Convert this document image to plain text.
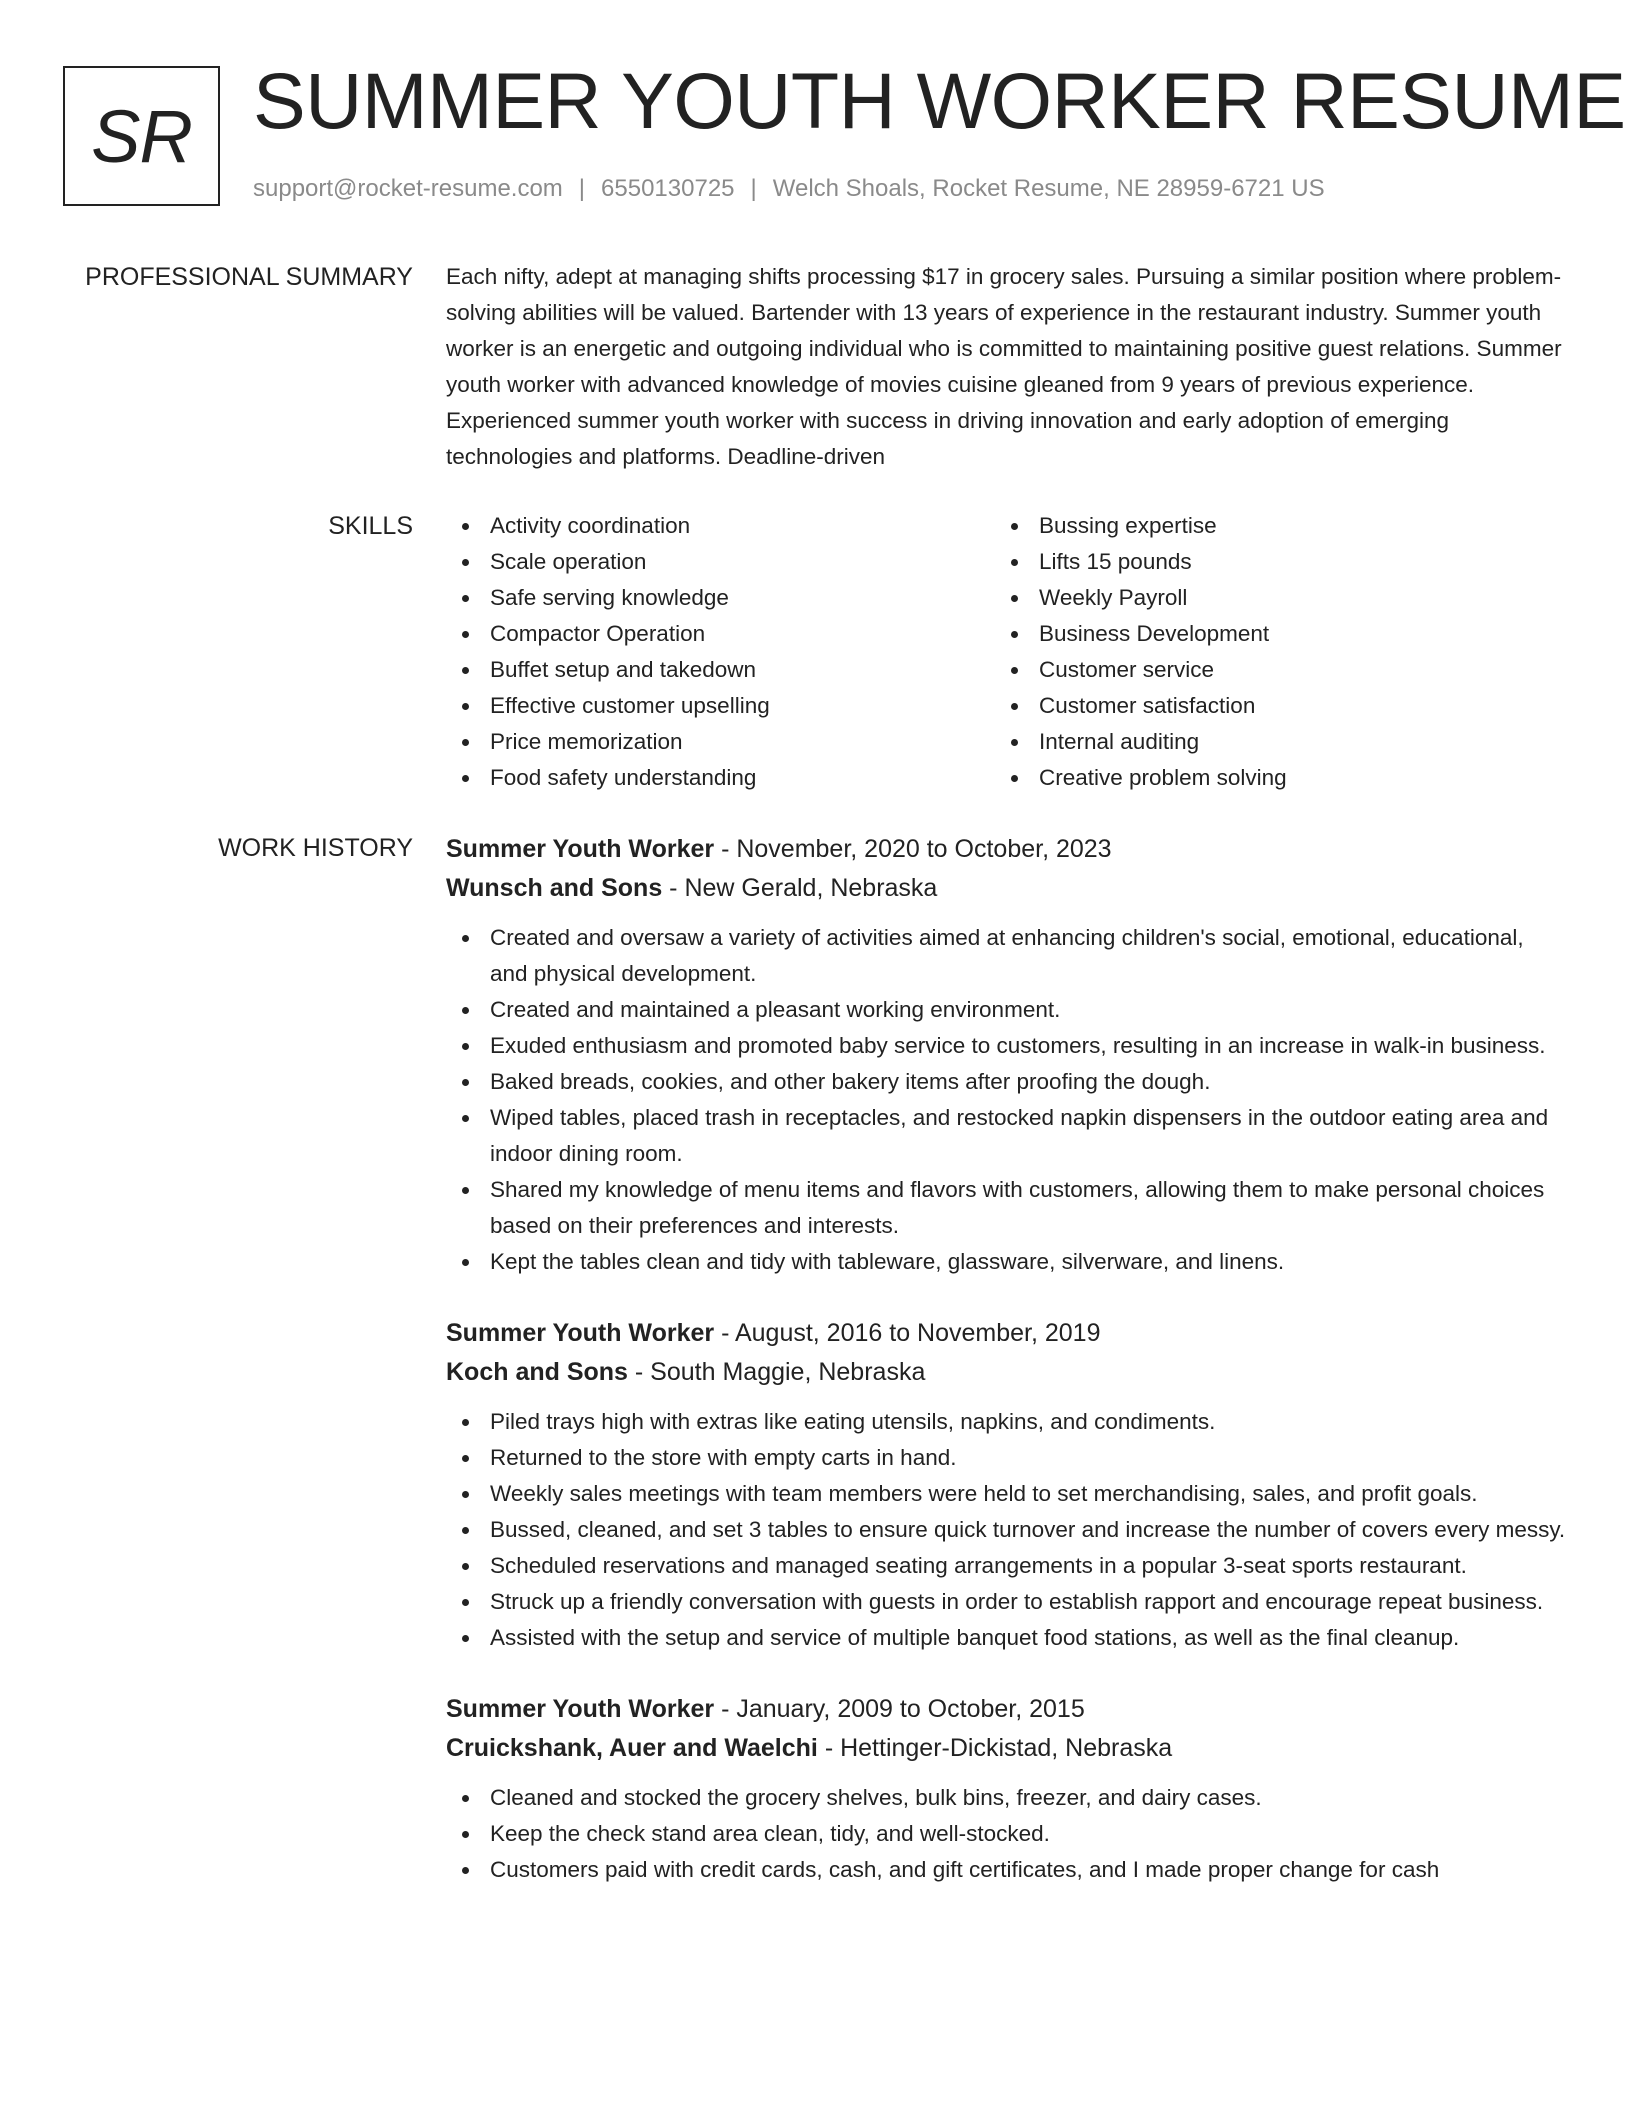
SR SUMMER YOUTH WORKER RESUME
support@rocket-resume.com | 6550130725 | Welch Shoals, Rocket Resume, NE 28959-6721 US
PROFESSIONAL SUMMARY Each nifty, adept at managing shifts processing $17 in grocery sales. Pursuing a similar position where problem-solving abilities will be valued. Bartender with 13 years of experience in the restaurant industry. Summer youth worker is an energetic and outgoing individual who is committed to maintaining positive guest relations. Summer youth worker with advanced knowledge of movies cuisine gleaned from 9 years of previous experience. Experienced summer youth worker with success in driving innovation and early adoption of emerging technologies and platforms. Deadline-driven

SKILLS	Activity coordination
Scale operation
Safe serving knowledge
Compactor Operation
Buffet setup and takedown
Effective customer upselling
Price memorization
Food safety understanding
Bussing expertise
Lifts 15 pounds
Weekly Payroll
Business Development
Customer service
Customer satisfaction
Internal auditing
Creative problem solving
WORK HISTORY Summer Youth Worker - November, 2020 to October, 2023
Wunsch and Sons - New Gerald, Nebraska
Created and oversaw a variety of activities aimed at enhancing children's social, emotional, educational, and physical development.
Created and maintained a pleasant working environment.
Exuded enthusiasm and promoted baby service to customers, resulting in an increase in walk-in business.
Baked breads, cookies, and other bakery items after proofing the dough.
Wiped tables, placed trash in receptacles, and restocked napkin dispensers in the outdoor eating area and indoor dining room.
Shared my knowledge of menu items and flavors with customers, allowing them to make personal choices based on their preferences and interests.
Kept the tables clean and tidy with tableware, glassware, silverware, and linens.
Summer Youth Worker - August, 2016 to November, 2019
Koch and Sons - South Maggie, Nebraska
Piled trays high with extras like eating utensils, napkins, and condiments.
Returned to the store with empty carts in hand.
Weekly sales meetings with team members were held to set merchandising, sales, and profit goals.
Bussed, cleaned, and set 3 tables to ensure quick turnover and increase the number of covers every messy.
Scheduled reservations and managed seating arrangements in a popular 3-seat sports restaurant.
Struck up a friendly conversation with guests in order to establish rapport and encourage repeat business.
Assisted with the setup and service of multiple banquet food stations, as well as the final cleanup.
Summer Youth Worker - January, 2009 to October, 2015
Cruickshank, Auer and Waelchi - Hettinger-Dickistad, Nebraska
Cleaned and stocked the grocery shelves, bulk bins, freezer, and dairy cases.
Keep the check stand area clean, tidy, and well-stocked.
Customers paid with credit cards, cash, and gift certificates, and I made proper change for cash
